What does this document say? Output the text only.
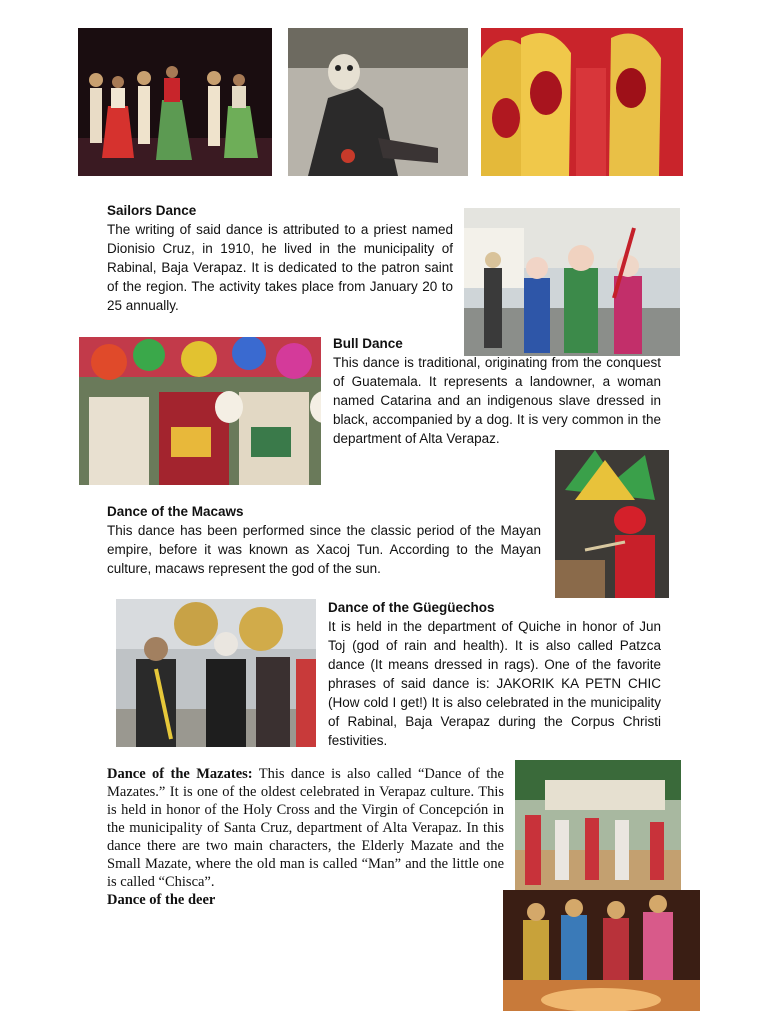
Sailors Dance
The writing of said dance is attributed to a priest named Dionisio Cruz, in 1910, he lived in the municipality of Rabinal, Baja Verapaz. It is dedicated to the patron saint of the region. The activity takes place from January 20 to 25 annually.
Bull Dance
This dance is traditional, originating from the conquest of Guatemala. It represents a landowner, a woman named Catarina and an indigenous slave dressed in black, accompanied by a dog. It is very common in the department of Alta Verapaz.
Dance of the Macaws
This dance has been performed since the classic period of the Mayan empire, before it was known as Xacoj Tun. According to the Mayan culture, macaws represent the god of the sun.
Dance of the Güegüechos
It is held in the department of Quiche in honor of Jun Toj (god of rain and health). It is also called Patzca dance (It means dressed in rags). One of the favorite phrases of said dance is: JAKORIK KA PETN CHIC (How cold I get!) It is also celebrated in the municipality of Rabinal, Baja Verapaz during the Corpus Christi festivities.
Dance of the Mazates: This dance is also called “Dance of the Mazates.” It is one of the oldest celebrated in Verapaz culture. This is held in honor of the Holy Cross and the Virgin of Concepción in the municipality of Santa Cruz, department of Alta Verapaz. In this dance there are two main characters, the Elderly Mazate and the Small Mazate, where the old man is called “Man” and the little one is called “Chisca”.
Dance of the deer
